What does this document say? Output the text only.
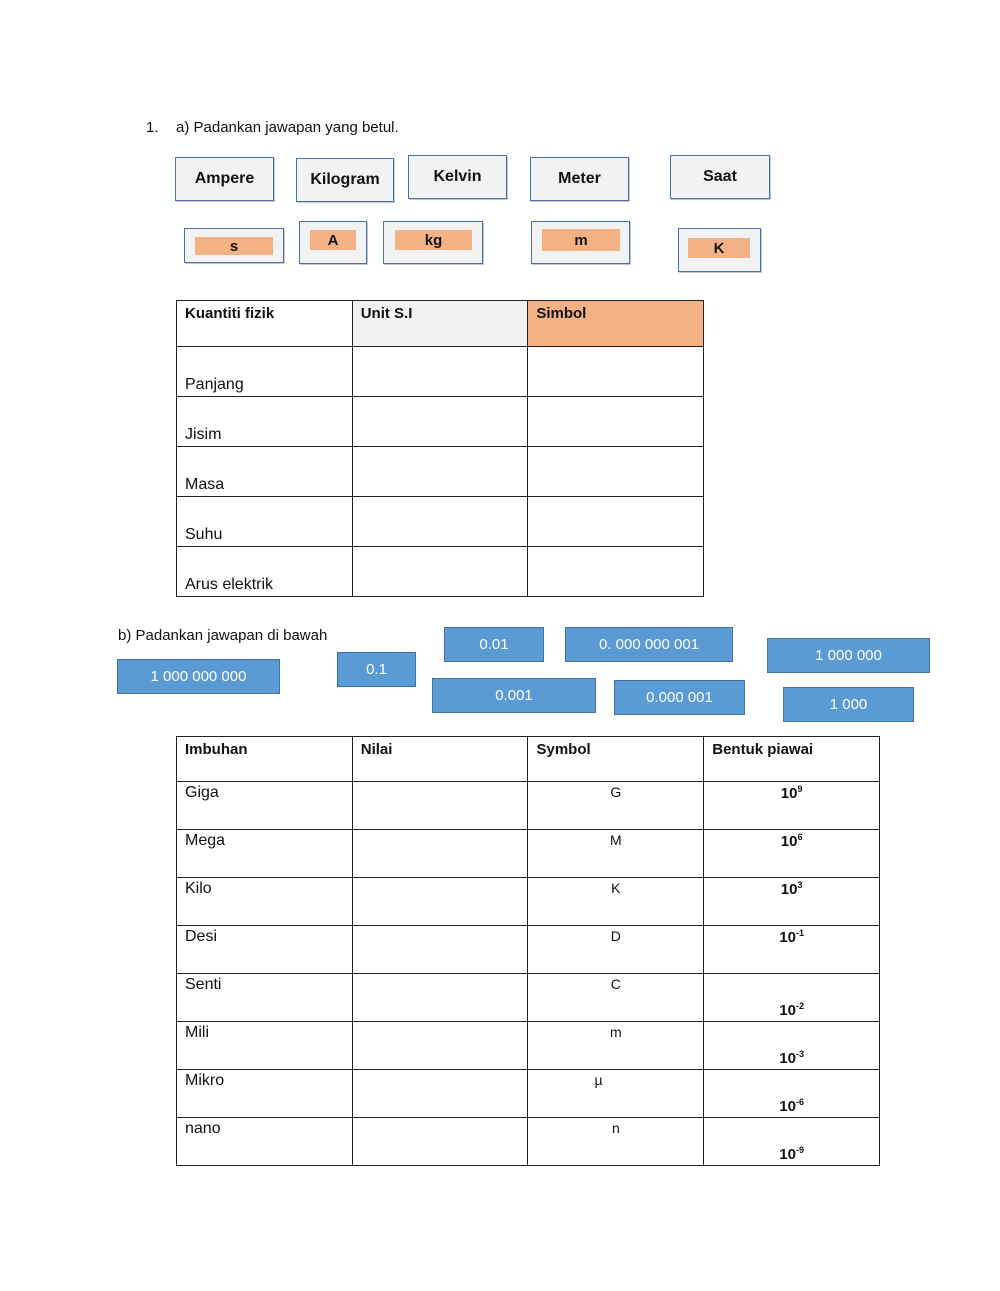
1. a) Padankan jawapan yang betul.
Ampere	Kilogram	Kelvin	Meter	Saat
s	A	kg	m	K
Kuantiti fizik	Unit S.I	Simbol
Panjang		
Jisim		
Masa		
Suhu		
Arus elektrik		
b) Padankan jawapan di bawah
0.01	0. 000 000 001
1 000 000
1 000 000 000	0.1
0.001	0.000 001	1 000
Imbuhan	Nilai	Symbol	Bentuk piawai
Giga		G	$10^9$
Mega		M	$10^6$
Kilo		K	$10^3$
Desi		D	$10^{-1}$
Senti		C	$10^{-2}$
Mili		m	$10^{-3}$
Mikro		µ	$10^{-6}$
nano		n	$10^{-9}$
